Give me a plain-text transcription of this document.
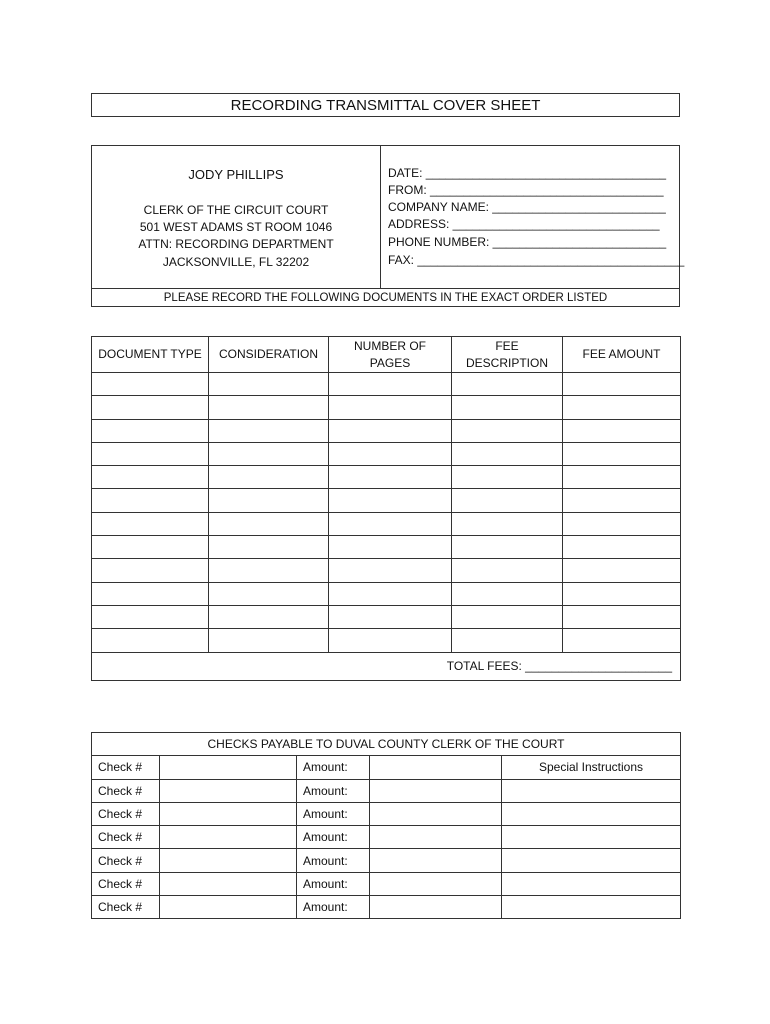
RECORDING TRANSMITTAL COVER SHEET
JODY PHILLIPS
CLERK OF THE CIRCUIT COURT
501 WEST ADAMS ST ROOM 1046
ATTN: RECORDING DEPARTMENT
JACKSONVILLE, FL 32202
DATE: ____________________________________
FROM: ___________________________________
COMPANY NAME: __________________________
ADDRESS: _______________________________
PHONE NUMBER: __________________________
FAX: ________________________________________
PLEASE RECORD THE FOLLOWING DOCUMENTS IN THE EXACT ORDER LISTED
DOCUMENT TYPE	CONSIDERATION	NUMBER OF PAGES	FEE DESCRIPTION	FEE AMOUNT

TOTAL FEES: ______________________				
CHECKS PAYABLE TO DUVAL COUNTY CLERK OF THE COURT				
Check #		Amount:		Special Instructions
Check #		Amount:		
Check #		Amount:		
Check #		Amount:		
Check #		Amount:		
Check #		Amount:		
Check #		Amount:		
